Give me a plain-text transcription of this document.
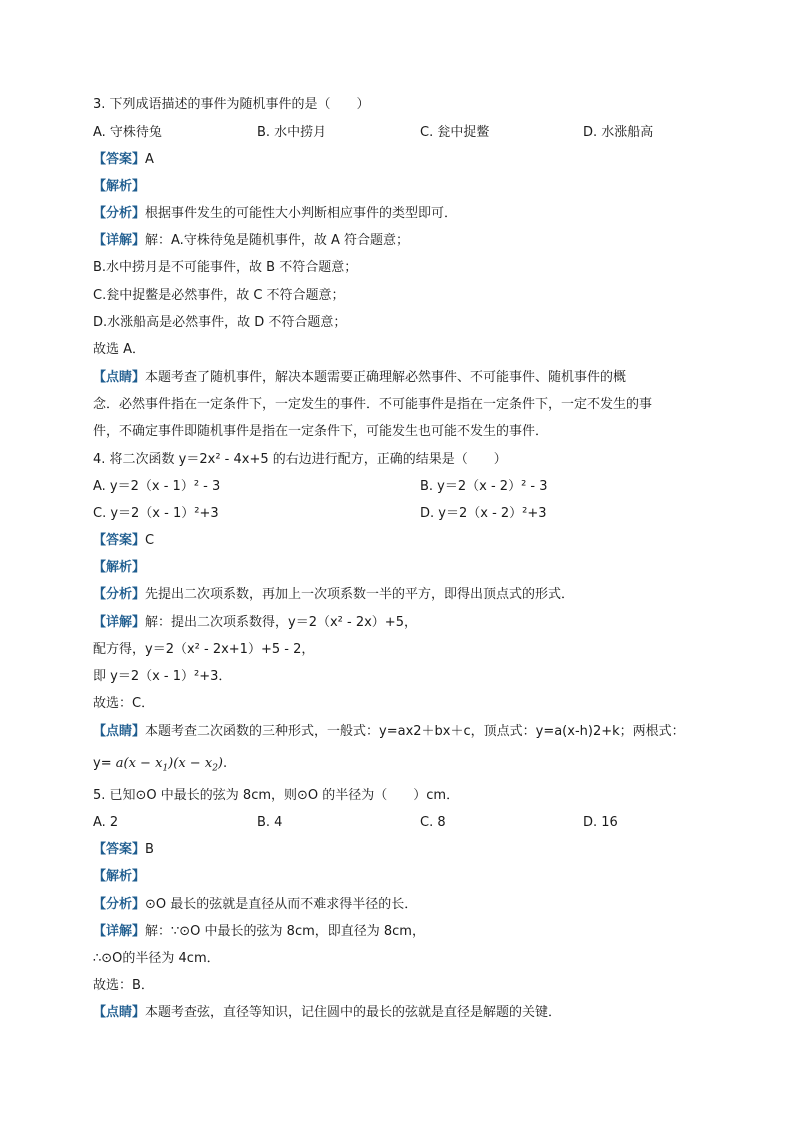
3. 下列成语描述的事件为随机事件的是（　　）
A. 守株待兔	B. 水中捞月	C. 瓮中捉鳖	D. 水涨船高
【答案】A
【解析】
【分析】根据事件发生的可能性大小判断相应事件的类型即可．
【详解】解：A.守株待兔是随机事件，故 A 符合题意；
B.水中捞月是不可能事件，故 B 不符合题意；
C.瓮中捉鳖是必然事件，故 C 不符合题意；
D.水涨船高是必然事件，故 D 不符合题意；
故选 A．
【点睛】本题考查了随机事件，解决本题需要正确理解必然事件、不可能事件、随机事件的概
念．必然事件指在一定条件下，一定发生的事件．不可能事件是指在一定条件下，一定不发生的事
件，不确定事件即随机事件是指在一定条件下，可能发生也可能不发生的事件．
4. 将二次函数 y＝2x² - 4x+5 的右边进行配方，正确的结果是（　　）
A. y＝2（x - 1）² - 3	B. y＝2（x - 2）² - 3
C. y＝2（x - 1）²+3	D. y＝2（x - 2）²+3
【答案】C
【解析】
【分析】先提出二次项系数，再加上一次项系数一半的平方，即得出顶点式的形式．
【详解】解：提出二次项系数得，y＝2（x² - 2x）+5，
配方得，y＝2（x² - 2x+1）+5 - 2，
即 y＝2（x - 1）²+3．
故选：C．
【点睛】本题考查二次函数的三种形式，一般式：y=ax2＋bx＋c，顶点式：y=a(x-h)2+k；两根式：
$y= a(x - x_1)(x - x_2)$.
5. 已知⊙O 中最长的弦为 8cm，则⊙O 的半径为（　　）cm．
A. 2	B. 4	C. 8	D. 16
【答案】B
【解析】
【分析】⊙O 最长的弦就是直径从而不难求得半径的长．
【详解】解：∵⊙O 中最长的弦为 8cm，即直径为 8cm，
∴⊙O的半径为 4cm．
故选：B．
【点睛】本题考查弦，直径等知识，记住圆中的最长的弦就是直径是解题的关键．
